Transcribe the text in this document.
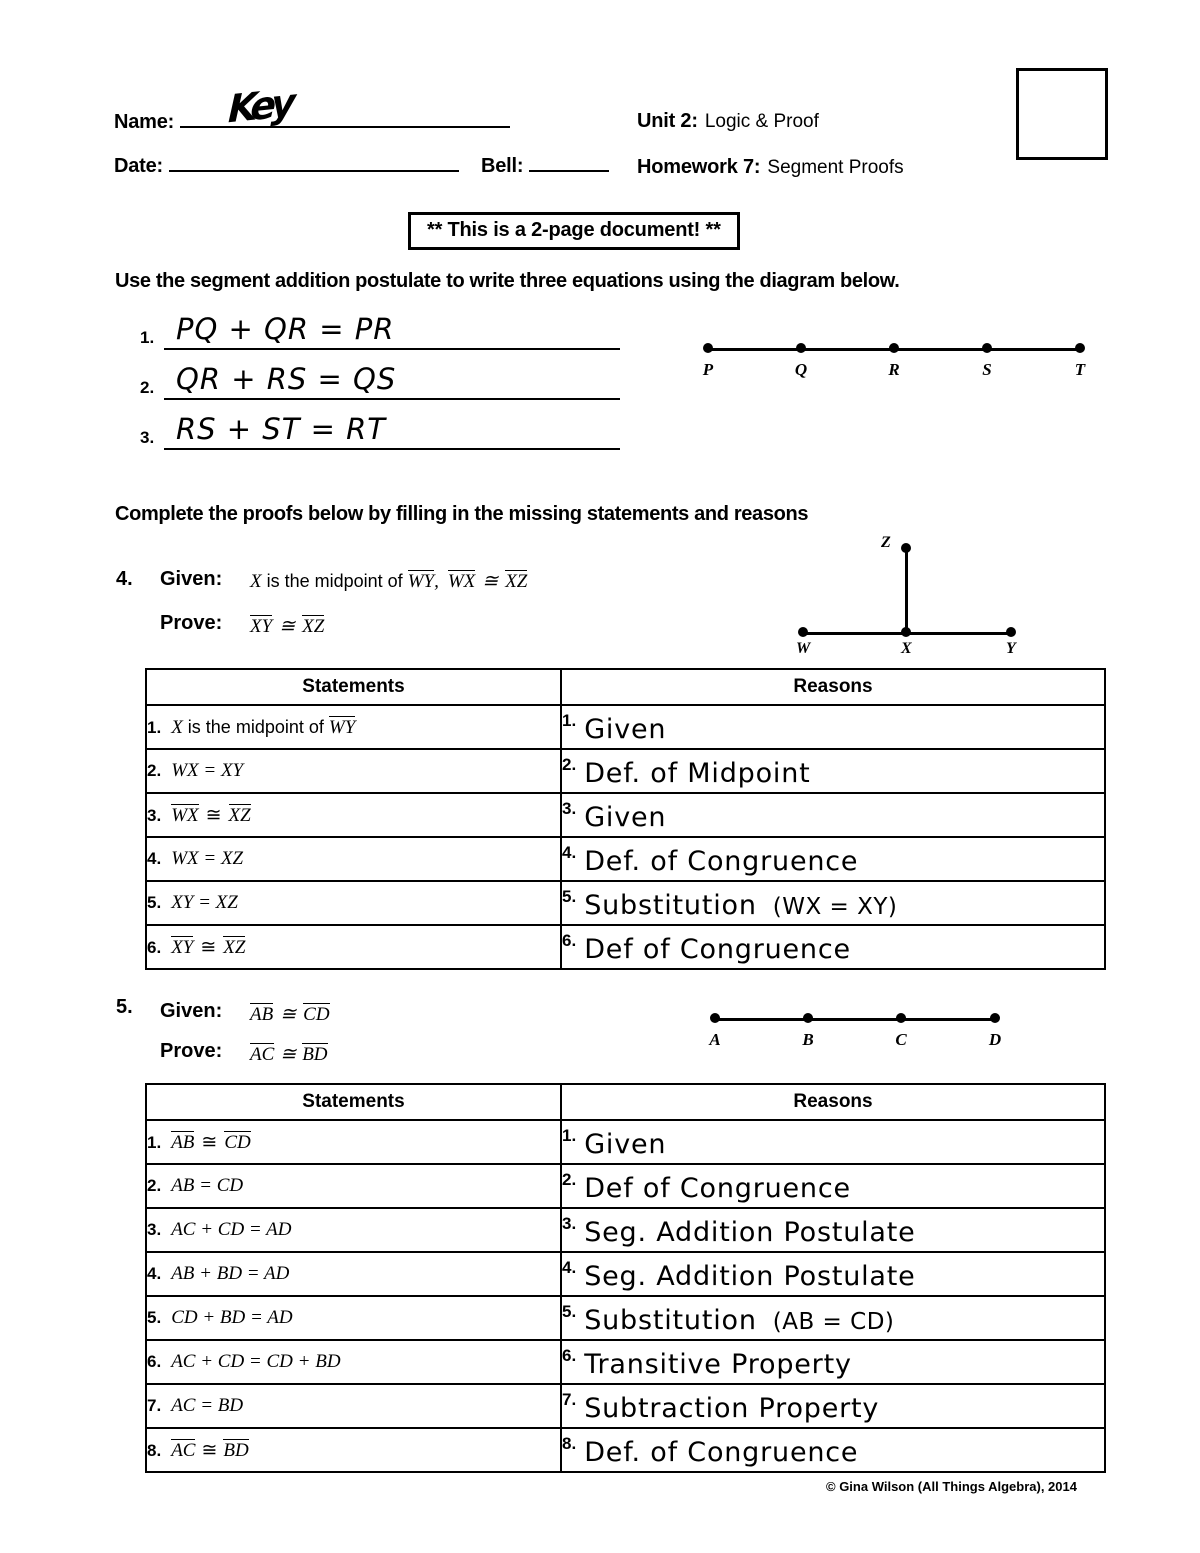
Name: Key
Date:	Bell:
Unit 2: Logic & Proof
Homework 7: Segment Proofs
** This is a 2-page document! **
Use the segment addition postulate to write three equations using the diagram below.
1. PQ + QR = PR
2. QR + RS = QS
3. RS + ST = RT
P	Q	R	S	T
Complete the proofs below by filling in the missing statements and reasons
4. Given: X is the midpoint of WY, WX ≅ XZ
Prove: XY ≅ XZ
W	X	Y
Z
Statements	Reasons
1. X is the midpoint of WY	1. Given
2. WX = XY	2. Def. of Midpoint
3. WX ≅ XZ	3. Given
4. WX = XZ	4. Def. of Congruence
5. XY = XZ	5. Substitution (WX = XY)
6. XY ≅ XZ	6. Def of Congruence
5. Given: AB ≅ CD
Prove: AC ≅ BD
A	B	C	D
Statements	Reasons
1. AB ≅ CD	1. Given
2. AB = CD	2. Def of Congruence
3. AC + CD = AD	3. Seg. Addition Postulate
4. AB + BD = AD	4. Seg. Addition Postulate
5. CD + BD = AD	5. Substitution (AB = CD)
6. AC + CD = CD + BD	6. Transitive Property
7. AC = BD	7. Subtraction Property
8. AC ≅ BD	8. Def. of Congruence
© Gina Wilson (All Things Algebra), 2014
